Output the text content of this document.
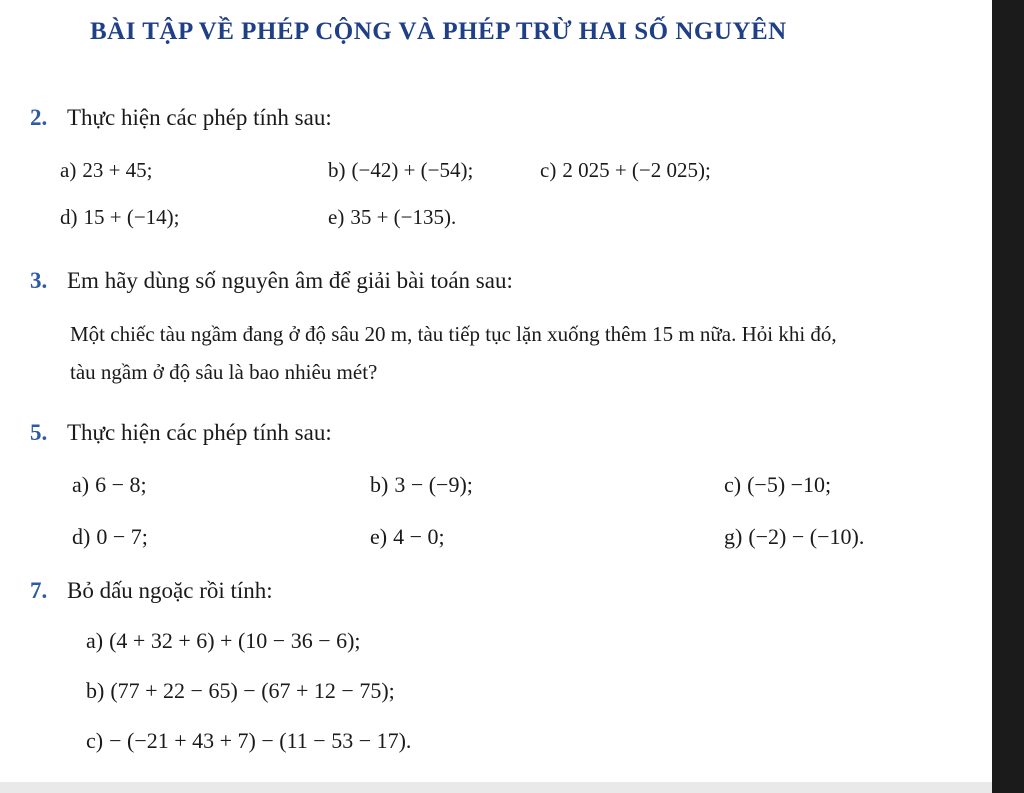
BÀI TẬP VỀ PHÉP CỘNG VÀ PHÉP TRỪ HAI SỐ NGUYÊN
2. Thực hiện các phép tính sau:
a) 23 + 45;	b) (−42) + (−54);	c) 2 025 + (−2 025);
d) 15 + (−14);	e) 35 + (−135).
3. Em hãy dùng số nguyên âm để giải bài toán sau:
Một chiếc tàu ngầm đang ở độ sâu 20 m, tàu tiếp tục lặn xuống thêm 15 m nữa. Hỏi khi đó,
tàu ngầm ở độ sâu là bao nhiêu mét?
5. Thực hiện các phép tính sau:
a) 6 − 8;	b) 3 − (−9);	c) (−5) −10;
d) 0 − 7;	e) 4 − 0;	g) (−2) − (−10).
7. Bỏ dấu ngoặc rồi tính:
a) (4 + 32 + 6) + (10 − 36 − 6);
b) (77 + 22 − 65) − (67 + 12 − 75);
c) − (−21 + 43 + 7) − (11 − 53 − 17).
